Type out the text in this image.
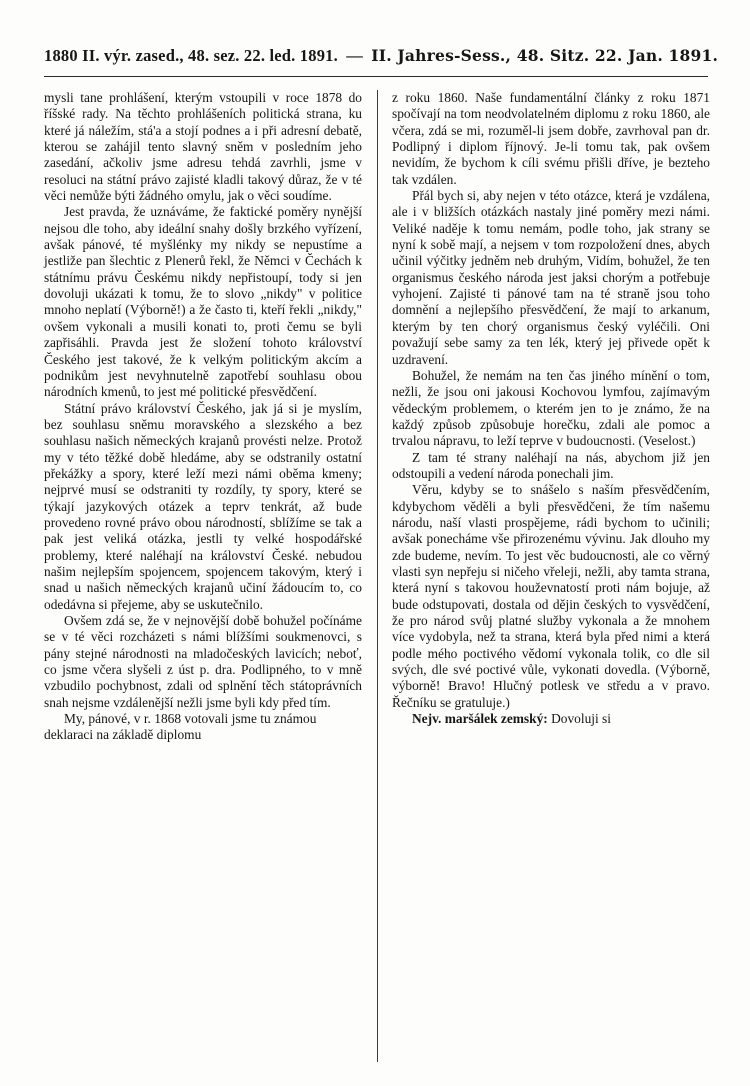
1880 II. výr. zased., 48. sez. 22. led. 1891. — II. Jahres-Sess., 48. Sitz. 22. Jan. 1891.

mysli tane prohlášení, kterým vstoupili v roce 1878 do říšské rady. Na těchto prohlášeních politická strana, ku které já náležím, stá'a a stojí podnes a i při adresní debatě, kterou se zahájil tento slavný sněm v posledním jeho zasedání, ačkoliv jsme adresu tehdá zavrhli, jsme v resoluci na státní právo zajisté kladli takový důraz, že v té věci nemůže býti žádného omylu, jak o věci soudíme.

Jest pravda, že uznáváme, že faktické poměry nynější nejsou dle toho, aby ideální snahy došly brzkého vyřízení, avšak pánové, té myšlénky my nikdy se nepustíme a jestliže pan šlechtic z Plenerů řekl, že Němci v Čechách k státnímu právu Českému nikdy nepřistoupí, tody si jen dovoluji ukázati k tomu, že to slovo „nikdy" v politice mnoho neplatí (Výborně!) a že často ti, kteří řekli „nikdy," ovšem vykonali a musili konati to, proti čemu se byli zapřisáhli. Pravda jest že složení tohoto království Českého jest takové, že k velkým politickým akcím a podnikům jest nevyhnutelně zapotřebí souhlasu obou národních kmenů, to jest mé politické přesvědčení.

Státní právo království Českého, jak já si je myslím, bez souhlasu sněmu moravského a slezského a bez souhlasu našich německých krajanů provésti nelze. Protož my v této těžké době hledáme, aby se odstranily ostatní překážky a spory, které leží mezi námi oběma kmeny; nejprvé musí se odstraniti ty rozdíly, ty spory, které se týkají jazykových otázek a teprv tenkrát, až bude provedeno rovné právo obou národností, sblížíme se tak a pak jest veliká otázka, jestli ty velké hospodářské problemy, které naléhají na království České. nebudou našim nejlepším spojencem, spojencem takovým, který i snad u našich německých krajanů učiní žádoucím to, co odedávna si přejeme, aby se uskutečnilo.

Ovšem zdá se, že v nejnovější době bohužel počínáme se v té věci rozcházeti s námi blížšími soukmenovci, s pány stejné národnosti na mladočeských lavicích; neboť, co jsme včera slyšeli z úst p. dra. Podlipného, to v mně vzbudilo pochybnost, zdali od splnění těch státoprávních snah nejsme vzdálenější nežli jsme byli kdy před tím.

My, pánové, v r. 1868 votovali jsme tu známou deklaraci na základě diplomu

z roku 1860. Naše fundamentální články z roku 1871 spočívají na tom neodvolatelném diplomu z roku 1860, ale včera, zdá se mi, rozuměl-li jsem dobře, zavrhoval pan dr. Podlipný i diplom říjnový. Je-li tomu tak, pak ovšem nevidím, že bychom k cíli svému přišli dříve, je bezteho tak vzdálen.

Přál bych si, aby nejen v této otázce, která je vzdálena, ale i v bližších otázkách nastaly jiné poměry mezi námi. Veliké naděje k tomu nemám, podle toho, jak strany se nyní k sobě mají, a nejsem v tom rozpoložení dnes, abych učinil výčitky jedněm neb druhým, Vidím, bohužel, že ten organismus českého národa jest jaksi chorým a potřebuje vyhojení. Zajisté ti pánové tam na té straně jsou toho domnění a nejlepšího přesvědčení, že mají to arkanum, kterým by ten chorý organismus český vyléčili. Oni považují sebe samy za ten lék, který jej přivede opět k uzdravení.

Bohužel, že nemám na ten čas jiného mínění o tom, nežli, že jsou oni jakousi Kochovou lymfou, zajímavým vědeckým problemem, o kterém jen to je známo, že na každý způsob způsobuje horečku, zdali ale pomoc a trvalou nápravu, to leží teprve v budoucnosti. (Veselost.)

Z tam té strany naléhají na nás, abychom již jen odstoupili a vedení národa ponechali jim.

Věru, kdyby se to snášelo s naším přesvědčením, kdybychom věděli a byli přesvědčeni, že tím našemu národu, naší vlasti prospějeme, rádi bychom to učinili; avšak ponecháme vše přirozenému vývinu. Jak dlouho my zde budeme, nevím. To jest věc budoucnosti, ale co věrný vlasti syn nepřeju si ničeho vřeleji, nežli, aby tamta strana, která nyní s takovou houževnatostí proti nám bojuje, až bude odstupovati, dostala od dějin českých to vysvědčení, že pro národ svůj platné služby vykonala a že mnohem více vydobyla, než ta strana, která byla před nimi a která podle mého poctivého vědomí vykonala tolik, co dle sil svých, dle své poctivé vůle, vykonati dovedla. (Výborně, výborně! Bravo! Hlučný potlesk ve středu a v pravo. Řečníku se gratuluje.)

Nejv. maršálek zemský: Dovoluji si
